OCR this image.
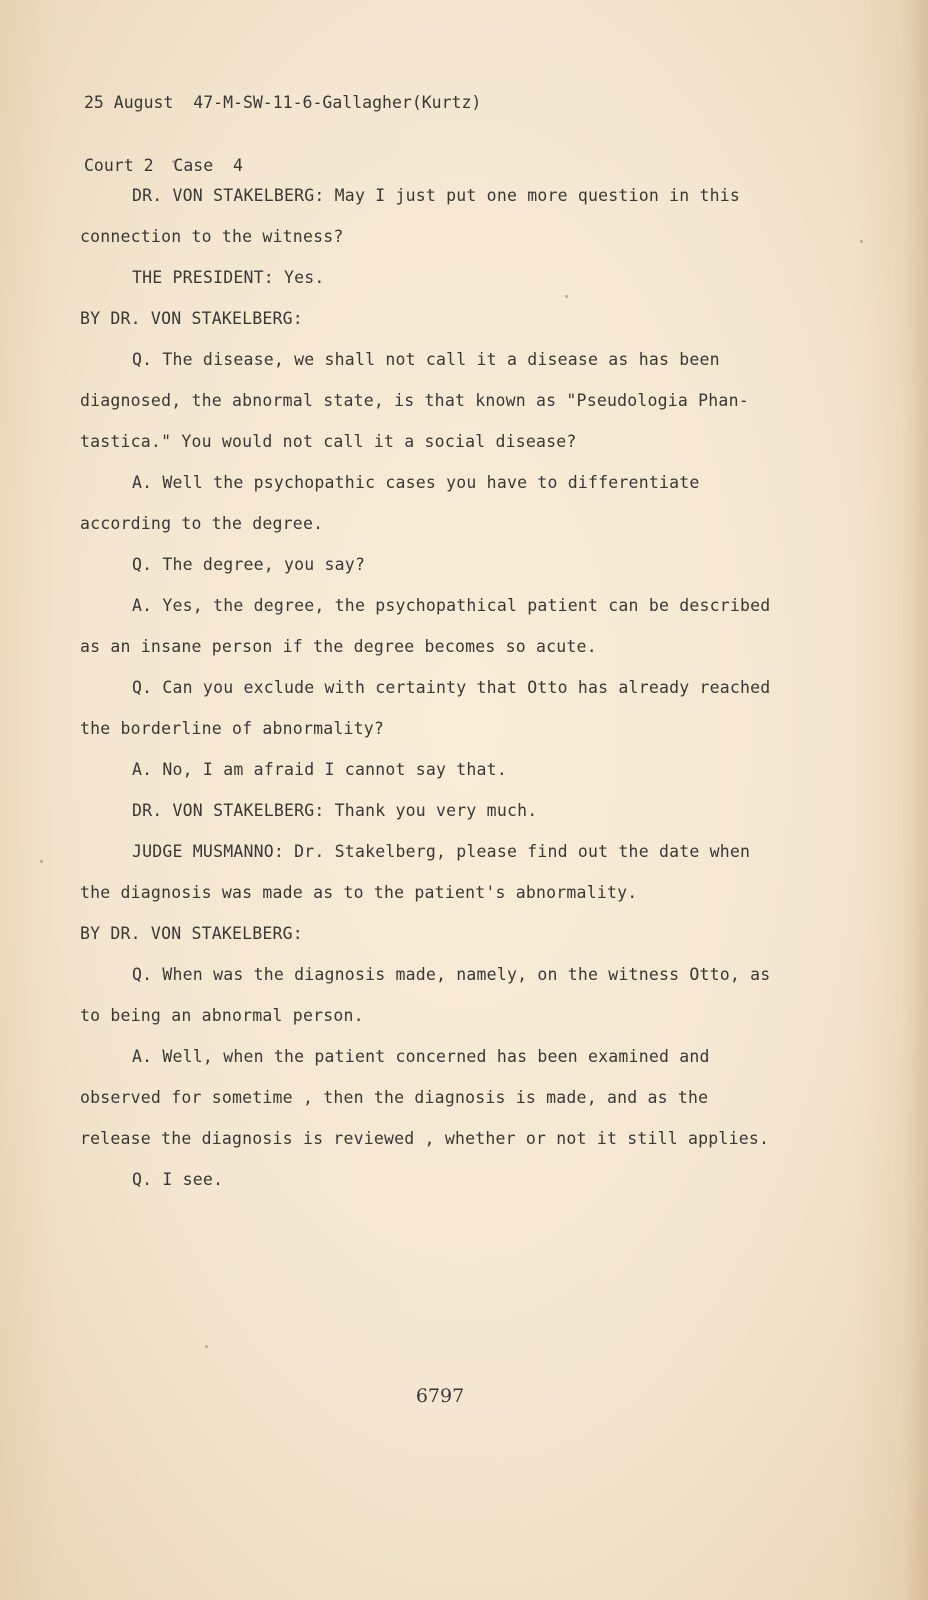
25 August  47-M-SW-11-6-Gallagher(Kurtz)

Court 2  Case  4

DR. VON STAKELBERG: May I just put one more question in this

connection to the witness?

THE PRESIDENT: Yes.

BY DR. VON STAKELBERG:

Q. The disease, we shall not call it a disease as has been

diagnosed, the abnormal state, is that known as "Pseudologia Phan-

tastica." You would not call it a social disease?

A. Well the psychopathic cases you have to differentiate

according to the degree.

Q. The degree, you say?

A. Yes, the degree, the psychopathical patient can be described

as an insane person if the degree becomes so acute.

Q. Can you exclude with certainty that Otto has already reached

the borderline of abnormality?

A. No, I am afraid I cannot say that.

DR. VON STAKELBERG: Thank you very much.

JUDGE MUSMANNO: Dr. Stakelberg, please find out the date when

the diagnosis was made as to the patient's abnormality.

BY DR. VON STAKELBERG:

Q. When was the diagnosis made, namely, on the witness Otto, as

to being an abnormal person.

A. Well, when the patient concerned has been examined and

observed for sometime , then the diagnosis is made, and as the

release the diagnosis is reviewed , whether or not it still applies.

Q. I see.

6797
